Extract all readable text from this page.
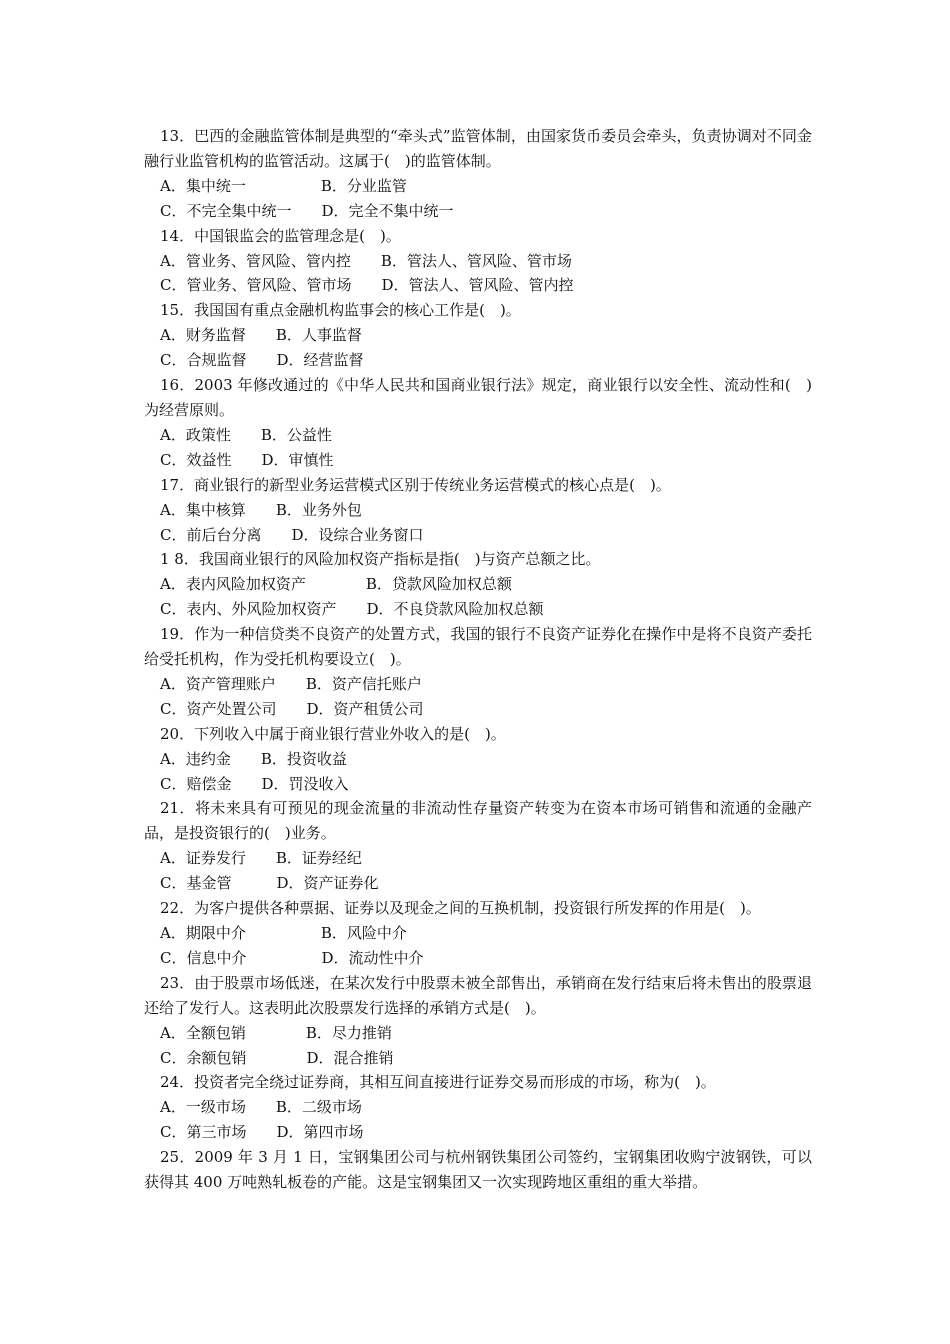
13．巴西的金融监管体制是典型的“牵头式”监管体制，由国家货币委员会牵头，负责协调对不同金融行业监管机构的监管活动。这属于(　)的监管体制。

A．集中统一　　　　　B．分业监管

C．不完全集中统一　　D．完全不集中统一

14．中国银监会的监管理念是(　)。

A．管业务、管风险、管内控　　B．管法人、管风险、管市场

C．管业务、管风险、管市场　　D．管法人、管风险、管内控

15．我国国有重点金融机构监事会的核心工作是(　)。

A．财务监督　　B．人事监督

C．合规监督　　D．经营监督

16．2003 年修改通过的《中华人民共和国商业银行法》规定，商业银行以安全性、流动性和(　)为经营原则。

A．政策性　　B．公益性

C．效益性　　D．审慎性

17．商业银行的新型业务运营模式区别于传统业务运营模式的核心点是(　)。

A．集中核算　　B．业务外包

C．前后台分离　　D．设综合业务窗口

1 8．我国商业银行的风险加权资产指标是指(　)与资产总额之比。

A．表内风险加权资产　　　　B．贷款风险加权总额

C．表内、外风险加权资产　　D．不良贷款风险加权总额

19．作为一种信贷类不良资产的处置方式，我国的银行不良资产证券化在操作中是将不良资产委托给受托机构，作为受托机构要设立(　)。

A．资产管理账户　　B．资产信托账户

C．资产处置公司　　D．资产租赁公司

20．下列收入中属于商业银行营业外收入的是(　)。

A．违约金　　B．投资收益

C．赔偿金　　D．罚没收入

21．将未来具有可预见的现金流量的非流动性存量资产转变为在资本市场可销售和流通的金融产品，是投资银行的(　)业务。

A．证券发行　　B．证券经纪

C．基金管　　　D．资产证券化

22．为客户提供各种票据、证券以及现金之间的互换机制，投资银行所发挥的作用是(　)。

A．期限中介　　　　　B．风险中介

C．信息中介　　　　　D．流动性中介

23．由于股票市场低迷，在某次发行中股票未被全部售出，承销商在发行结束后将未售出的股票退还给了发行人。这表明此次股票发行选择的承销方式是(　)。

A．全额包销　　　　B．尽力推销

C．余额包销　　　　D．混合推销

24．投资者完全绕过证券商，其相互间直接进行证券交易而形成的市场，称为(　)。

A．一级市场　　B．二级市场

C．第三市场　　D．第四市场

25．2009 年 3 月 1 日，宝钢集团公司与杭州钢铁集团公司签约，宝钢集团收购宁波钢铁，可以获得其 400 万吨熟轧板卷的产能。这是宝钢集团又一次实现跨地区重组的重大举措。
